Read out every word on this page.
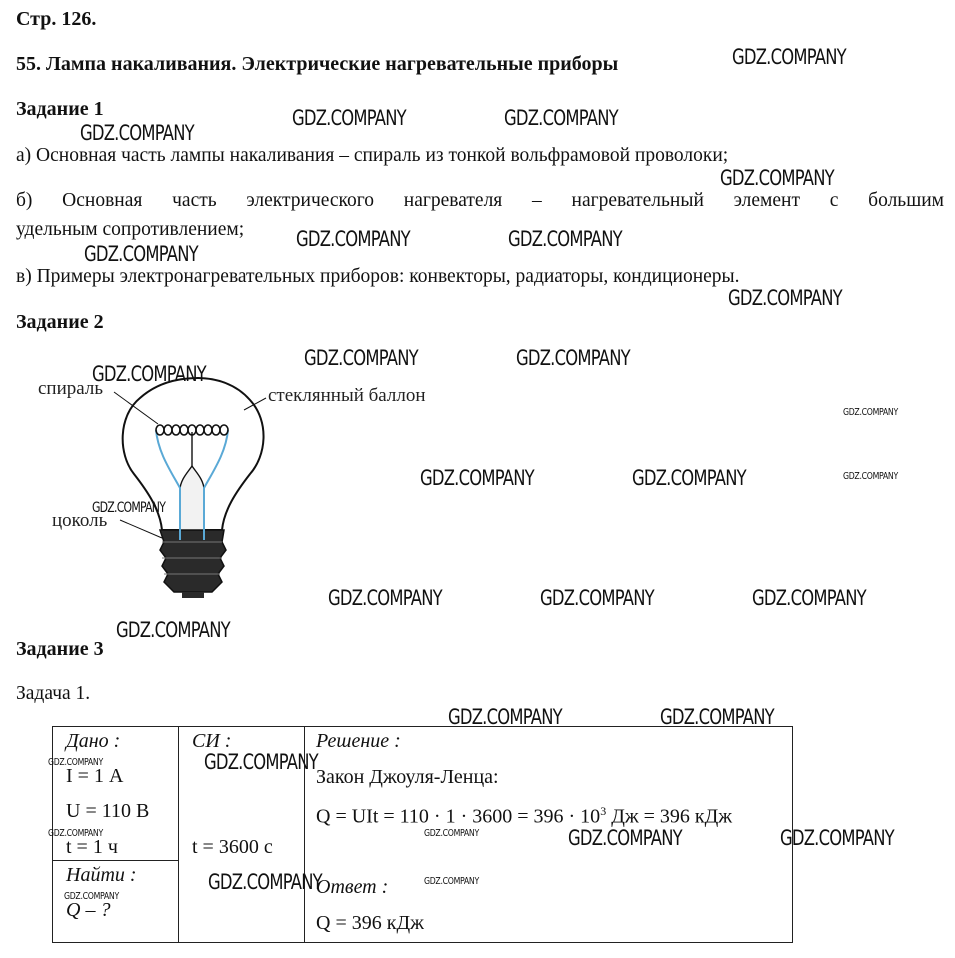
Стр. 126.
55. Лампа накаливания. Электрические нагревательные приборы
Задание 1
а) Основная часть лампы накаливания – спираль из тонкой вольфрамовой проволоки;
б) Основная часть электрического нагревателя – нагревательный элемент с большим
удельным сопротивлением;
в) Примеры электронагревательных приборов: конвекторы, радиаторы, кондиционеры.
Задание 2
спираль	стеклянный баллон
цоколь
Задание 3
Задача 1.

Дано :
I = 1 А
U = 110 В
t = 1 ч
Найти :
Q – ?
СИ :
t = 3600 с
Решение :
Закон Джоуля-Ленца:
Q = UIt = $110 \cdot 1 \cdot 3600 = 396 \cdot 10^3$ Дж = 396 кДж
Ответ :
Q = 396 кДж
GDZ.COMPANY
GDZ.COMPANY
GDZ.COMPANY	GDZ.COMPANY
GDZ.COMPANY
GDZ.COMPANY
GDZ.COMPANY	GDZ.COMPANY
GDZ.COMPANY
GDZ.COMPANY
GDZ.COMPANY	GDZ.COMPANY
GDZ.COMPANY
GDZ.COMPANY	GDZ.COMPANY	GDZ.COMPANY
GDZ.COMPANY
GDZ.COMPANY	GDZ.COMPANY	GDZ.COMPANY
GDZ.COMPANY
GDZ.COMPANY	GDZ.COMPANY
GDZ.COMPANY
GDZ.COMPANY
GDZ.COMPANY	GDZ.COMPANY	GDZ.COMPANY	GDZ.COMPANY
GDZ.COMPANY	GDZ.COMPANY
GDZ.COMPANY
